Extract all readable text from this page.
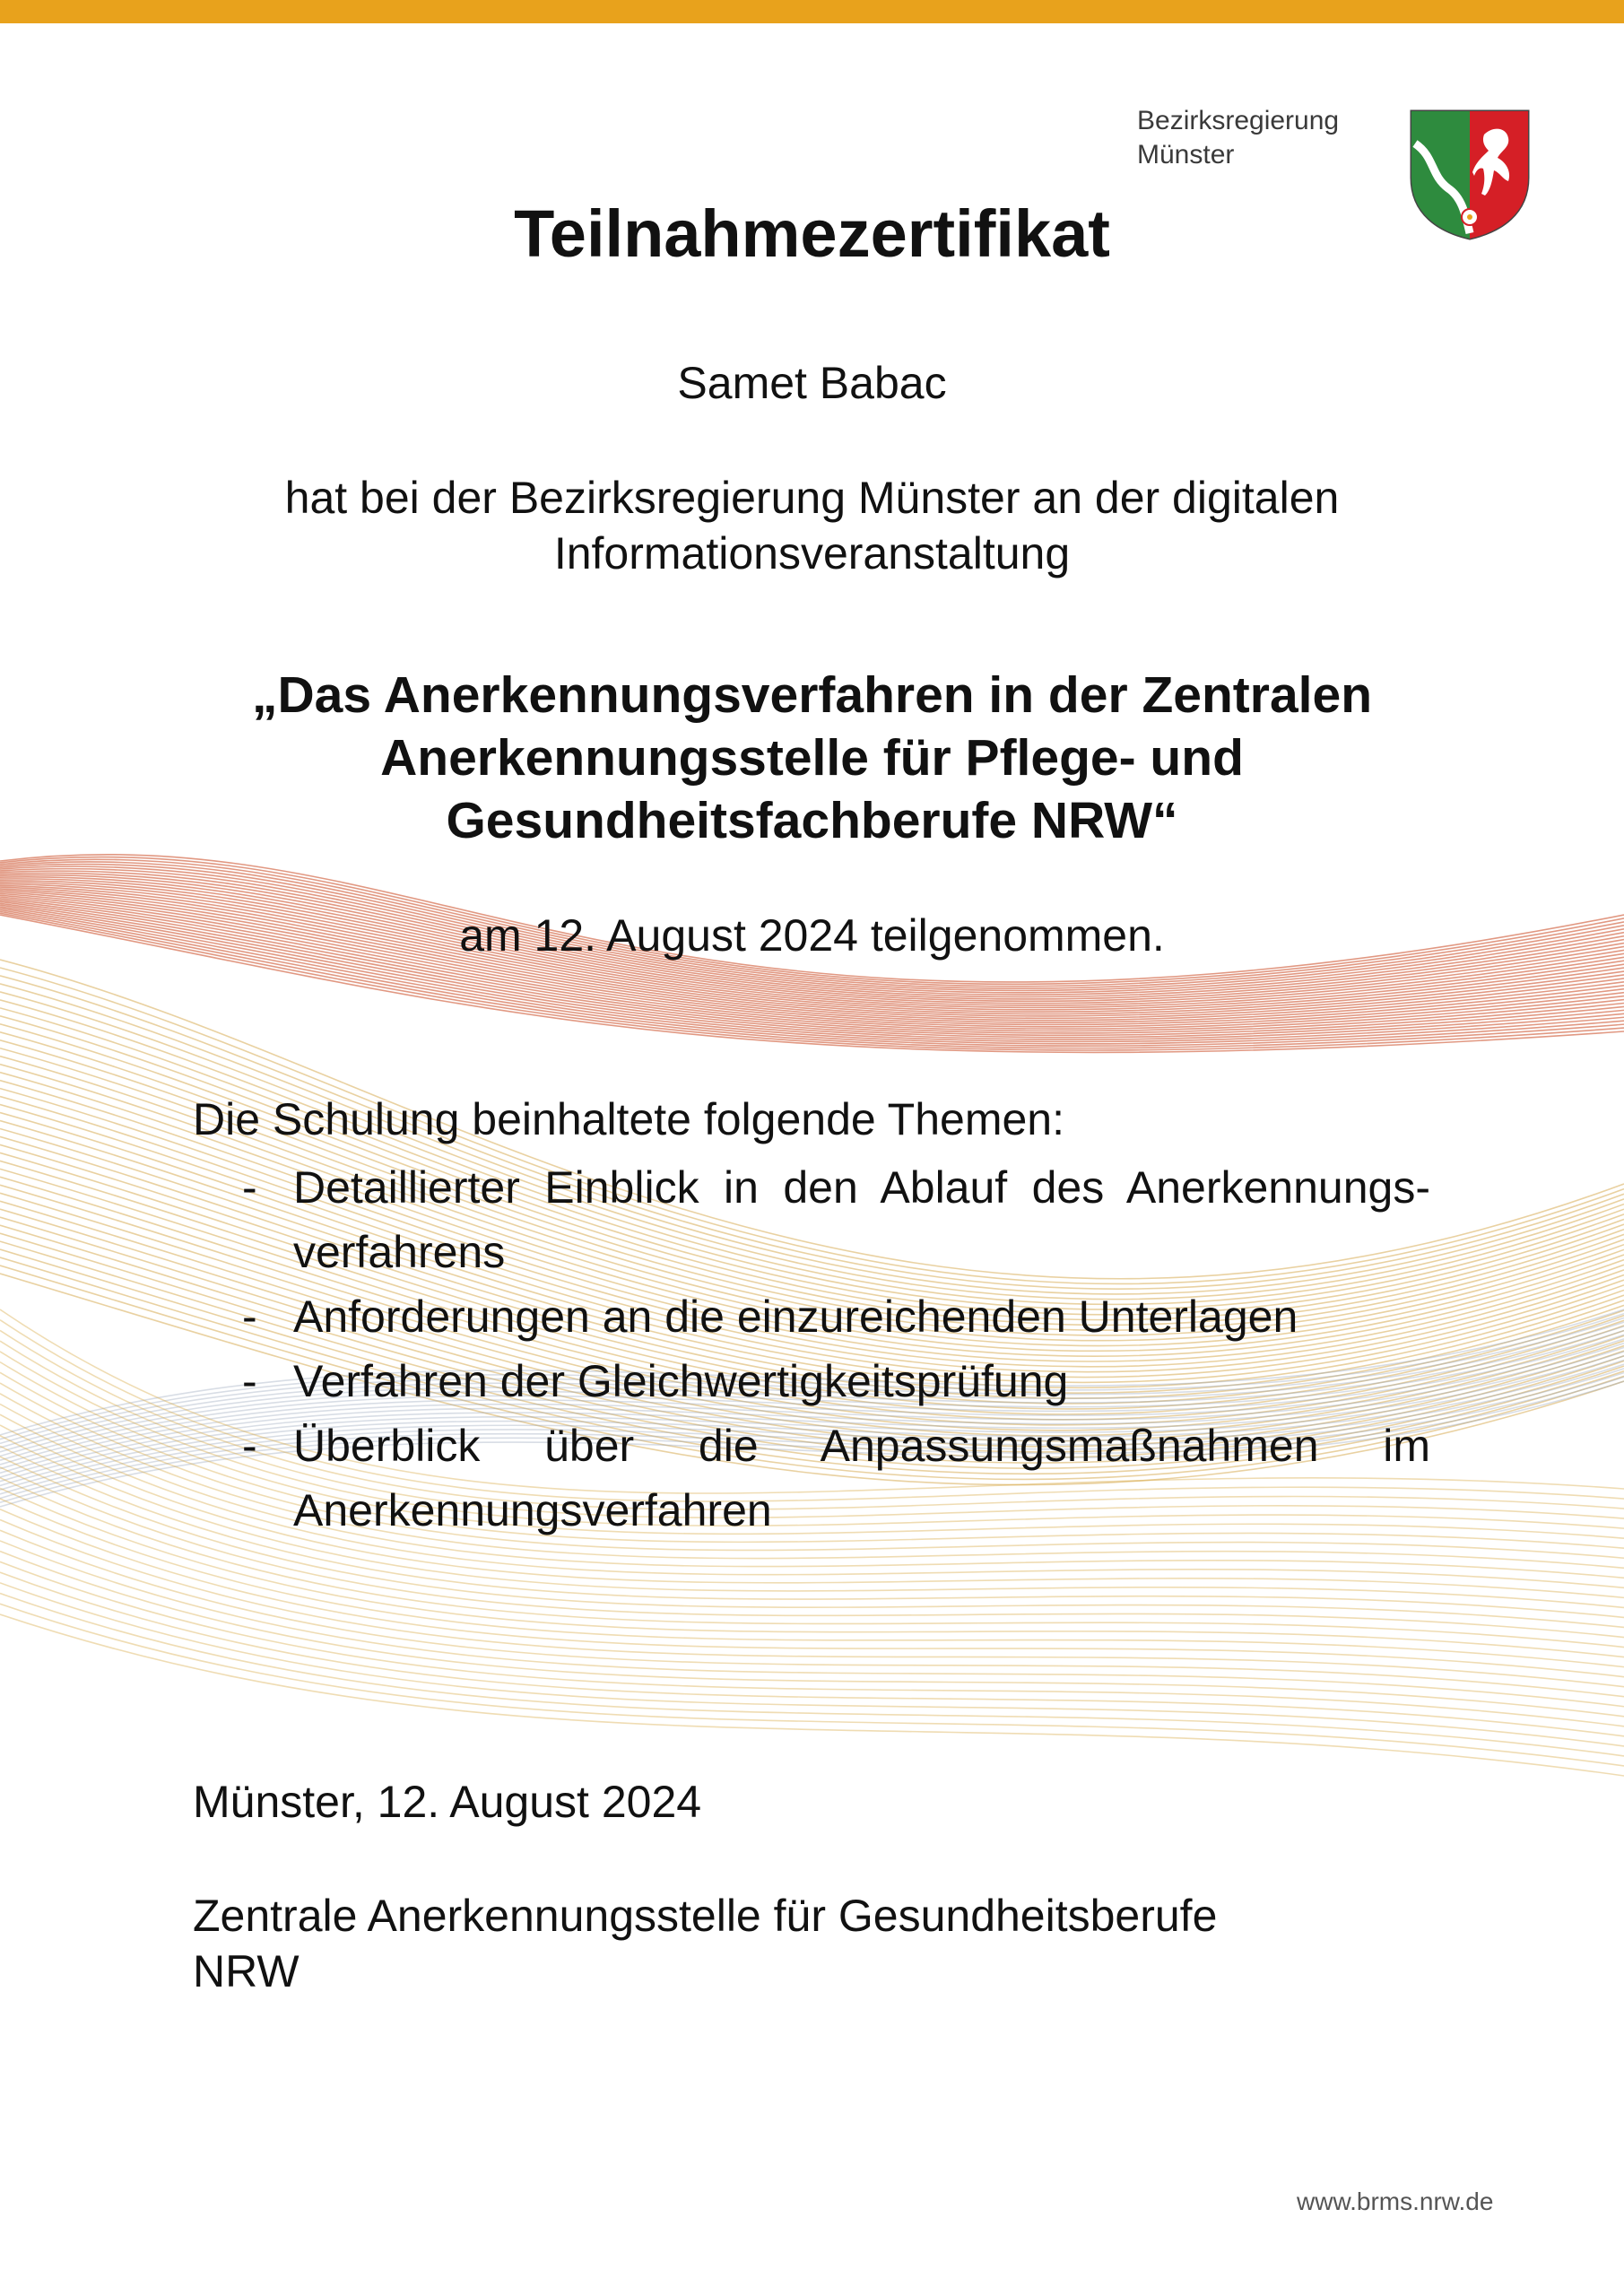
Bezirksregierung
Münster
Teilnahmezertifikat
Samet Babac
hat bei der Bezirksregierung Münster an der digitalen
Informationsveranstaltung
„Das Anerkennungsverfahren in der Zentralen
Anerkennungsstelle für Pflege- und
Gesundheitsfachberufe NRW“
am 12. August 2024 teilgenommen.
Die Schulung beinhaltete folgende Themen:
- Detaillierter Einblick in den Ablauf des Anerkennungs- verfahrens
- Anforderungen an die einzureichenden Unterlagen
- Verfahren der Gleichwertigkeitsprüfung
- Überblick über die Anpassungsmaßnahmen im Anerkennungsverfahren
Münster, 12. August 2024
Zentrale Anerkennungsstelle für Gesundheitsberufe
NRW
www.brms.nrw.de
